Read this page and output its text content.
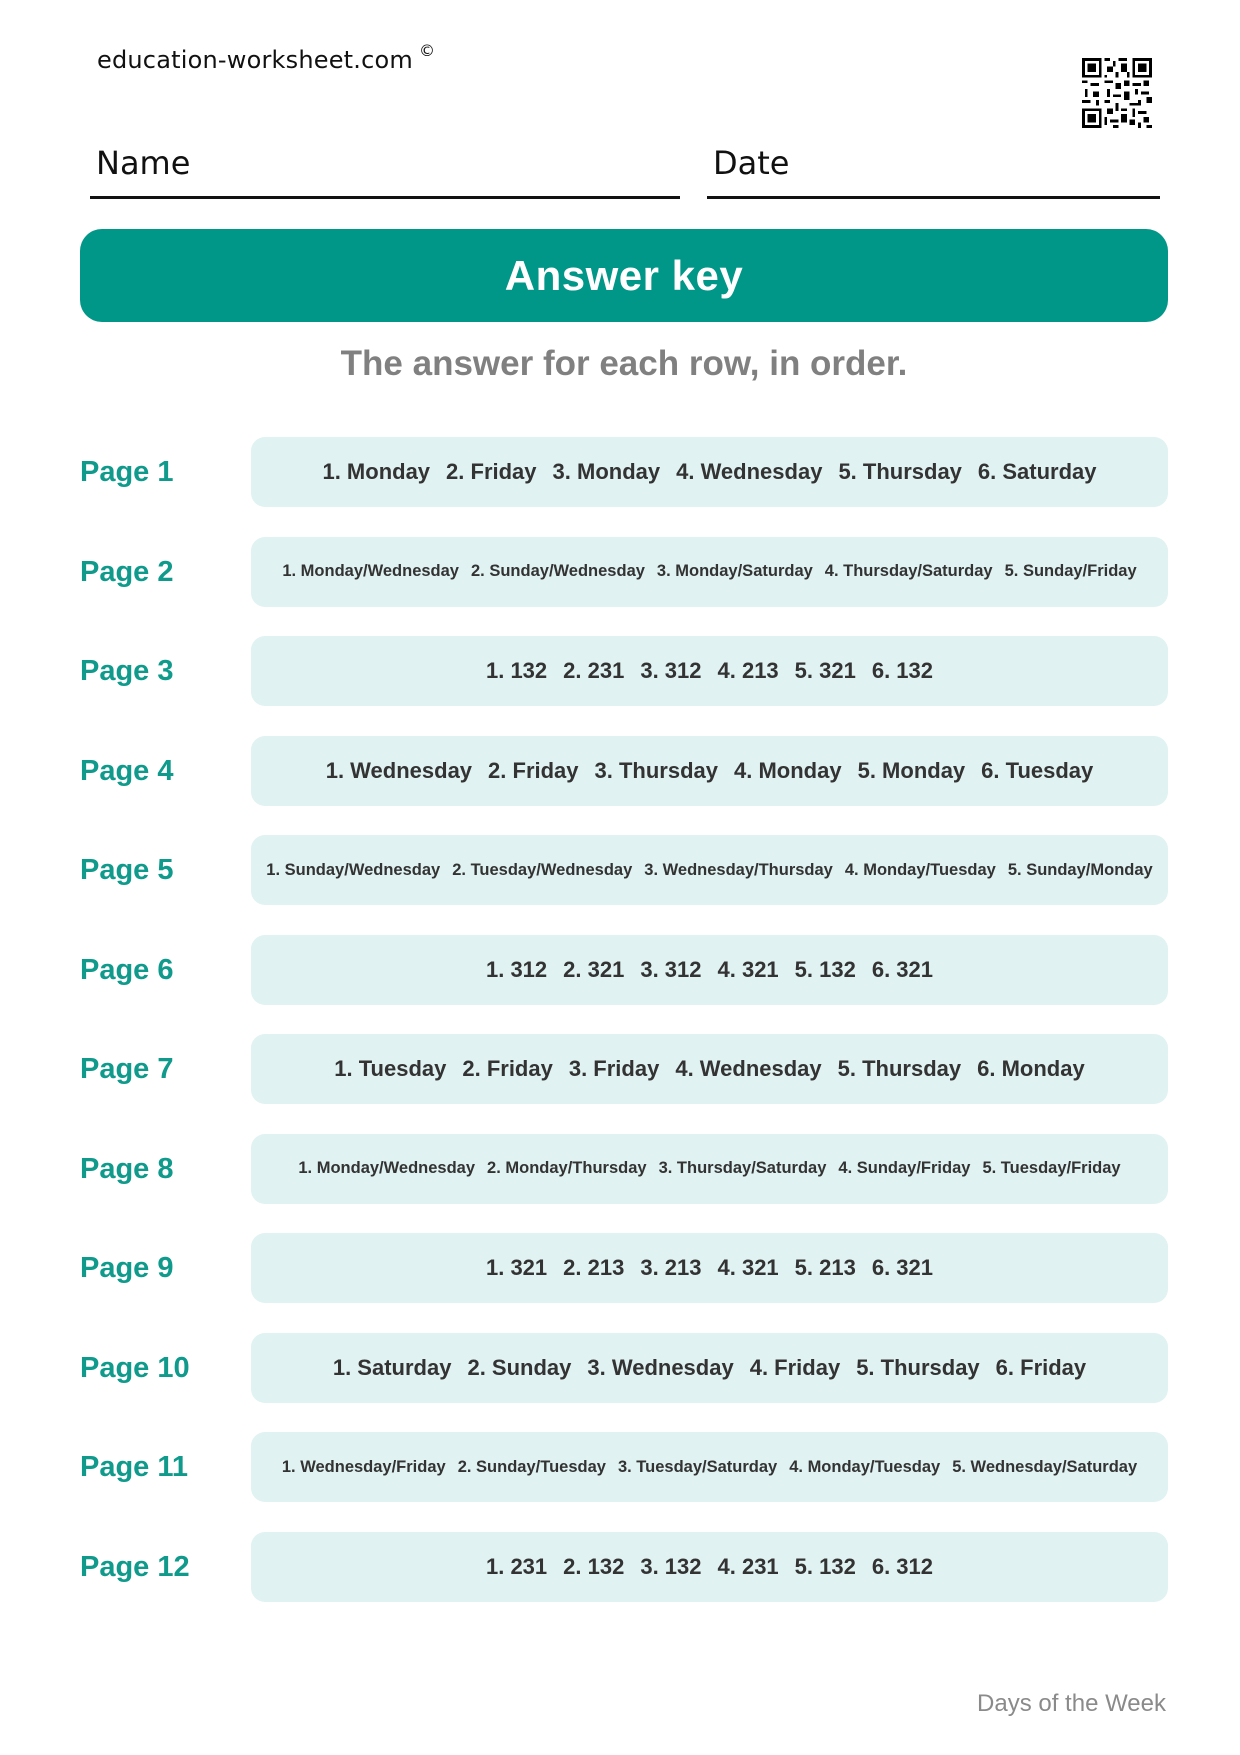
education-worksheet.com ©
Name	Date
Answer key
The answer for each row, in order.
Page 1	1. Monday 2. Friday 3. Monday 4. Wednesday 5. Thursday 6. Saturday
Page 2	1. Monday/Wednesday 2. Sunday/Wednesday 3. Monday/Saturday 4. Thursday/Saturday 5. Sunday/Friday
Page 3	1. 132 2. 231 3. 312 4. 213 5. 321 6. 132
Page 4	1. Wednesday 2. Friday 3. Thursday 4. Monday 5. Monday 6. Tuesday
Page 5	1. Sunday/Wednesday 2. Tuesday/Wednesday 3. Wednesday/Thursday 4. Monday/Tuesday 5. Sunday/Monday
Page 6	1. 312 2. 321 3. 312 4. 321 5. 132 6. 321
Page 7	1. Tuesday 2. Friday 3. Friday 4. Wednesday 5. Thursday 6. Monday
Page 8	1. Monday/Wednesday 2. Monday/Thursday 3. Thursday/Saturday 4. Sunday/Friday 5. Tuesday/Friday
Page 9	1. 321 2. 213 3. 213 4. 321 5. 213 6. 321
Page 10	1. Saturday 2. Sunday 3. Wednesday 4. Friday 5. Thursday 6. Friday
Page 11	1. Wednesday/Friday 2. Sunday/Tuesday 3. Tuesday/Saturday 4. Monday/Tuesday 5. Wednesday/Saturday
Page 12	1. 231 2. 132 3. 132 4. 231 5. 132 6. 312
Days of the Week
